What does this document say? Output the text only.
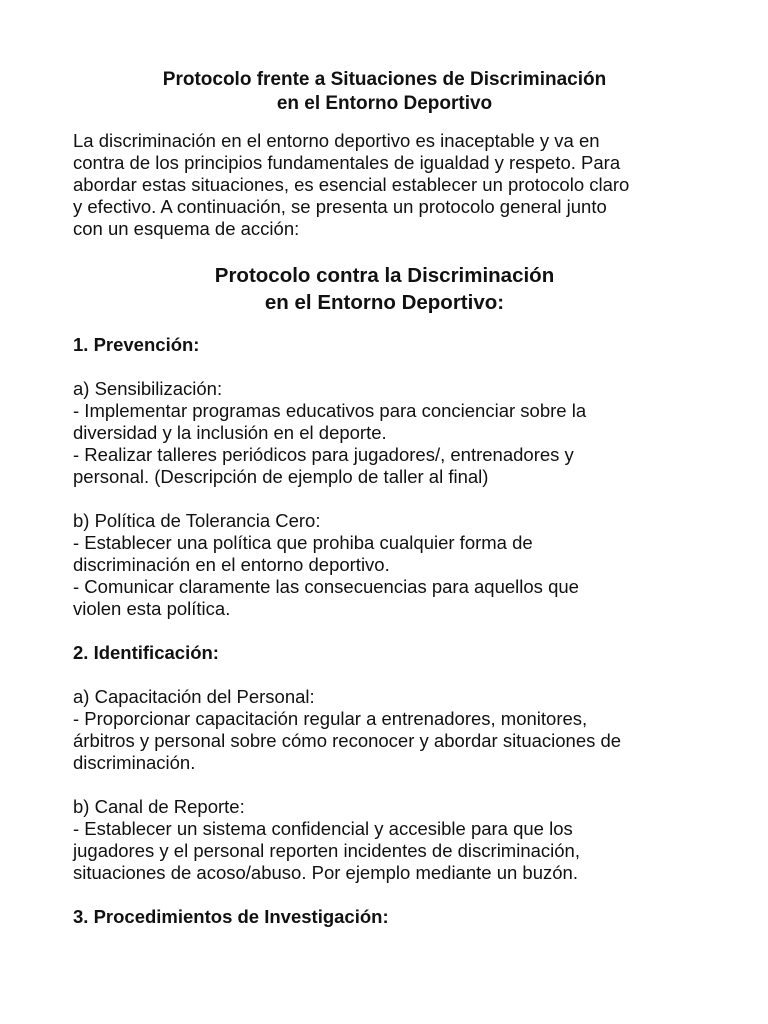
Protocolo frente a Situaciones de Discriminación
en el Entorno Deportivo

La discriminación en el entorno deportivo es inaceptable y va en
contra de los principios fundamentales de igualdad y respeto. Para
abordar estas situaciones, es esencial establecer un protocolo claro
y efectivo. A continuación, se presenta un protocolo general junto
con un esquema de acción:

Protocolo contra la Discriminación
en el Entorno Deportivo:

1. Prevención:

a) Sensibilización:
- Implementar programas educativos para concienciar sobre la
diversidad y la inclusión en el deporte.
- Realizar talleres periódicos para jugadores/, entrenadores y
personal. (Descripción de ejemplo de taller al final)

b) Política de Tolerancia Cero:
- Establecer una política que prohiba cualquier forma de
discriminación en el entorno deportivo.
- Comunicar claramente las consecuencias para aquellos que
violen esta política.

2. Identificación:

a) Capacitación del Personal:
- Proporcionar capacitación regular a entrenadores, monitores,
árbitros y personal sobre cómo reconocer y abordar situaciones de
discriminación.

b) Canal de Reporte:
- Establecer un sistema confidencial y accesible para que los
jugadores y el personal reporten incidentes de discriminación,
situaciones de acoso/abuso. Por ejemplo mediante un buzón.

3. Procedimientos de Investigación:
